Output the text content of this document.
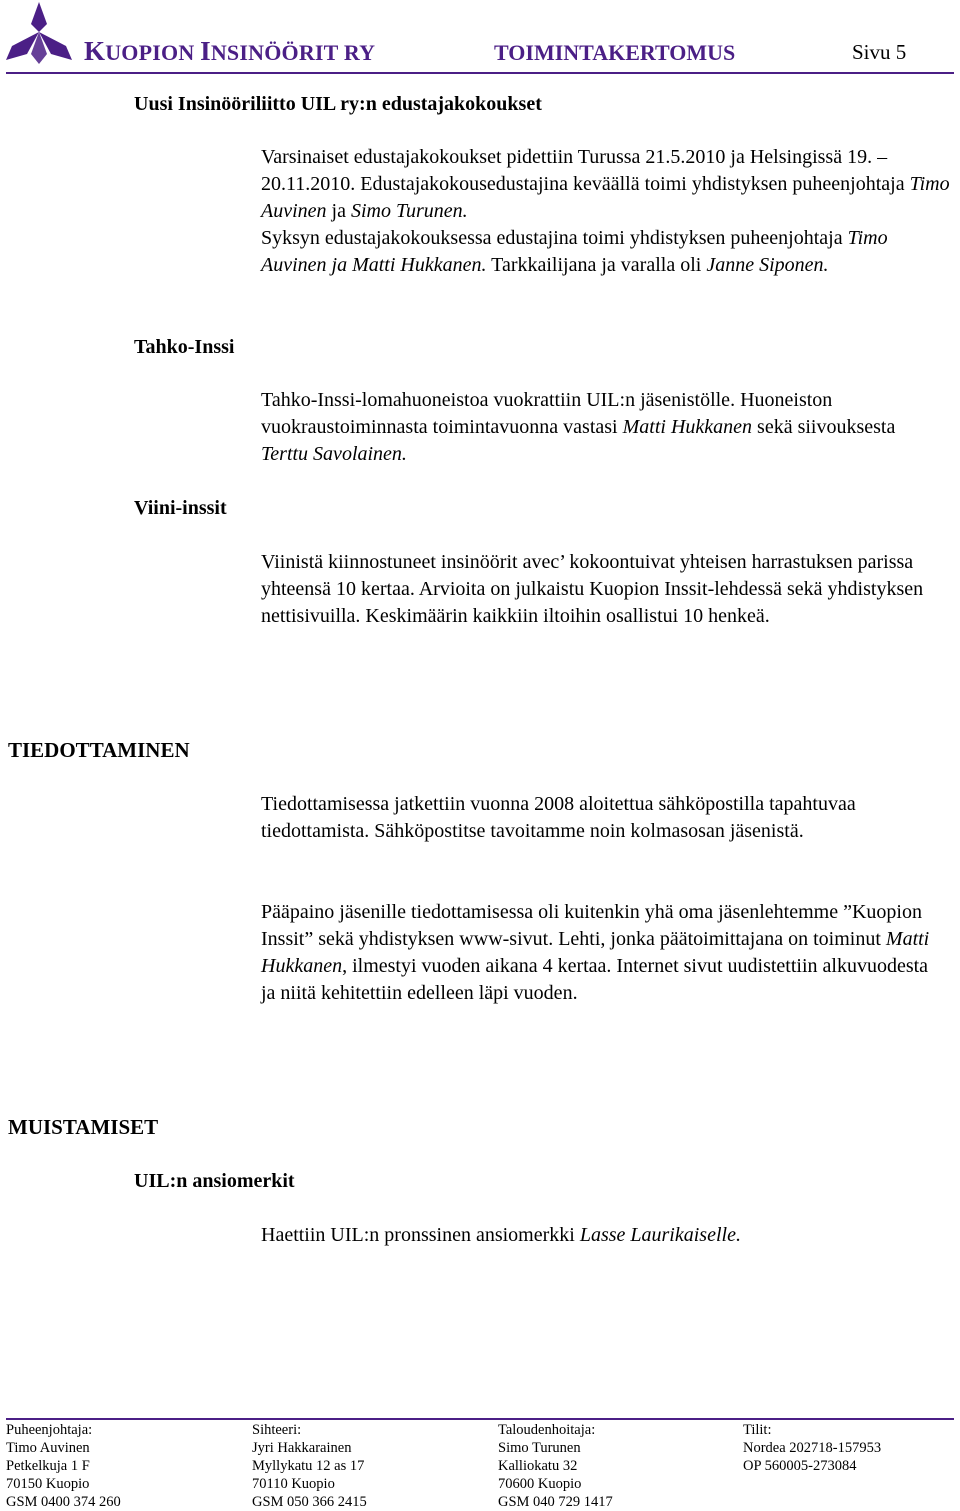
KUOPION INSINÖÖRIT RY	TOIMINTAKERTOMUS	Sivu 5
Uusi Insinööriliitto UIL ry:n edustajakokoukset
Varsinaiset edustajakokoukset pidettiin Turussa 21.5.2010 ja Helsingissä 19. – 20.11.2010. Edustajakokousedustajina keväällä toimi yhdistyksen puheenjohtaja Timo Auvinen ja Simo Turunen.
Syksyn edustajakokouksessa edustajina toimi yhdistyksen puheenjohtaja Timo Auvinen ja Matti Hukkanen. Tarkkailijana ja varalla oli Janne Siponen.
Tahko-Inssi
Tahko-Inssi-lomahuoneistoa vuokrattiin UIL:n jäsenistölle. Huoneiston vuokraustoiminnasta toimintavuonna vastasi Matti Hukkanen sekä siivouksesta Terttu Savolainen.
Viini-inssit
Viinistä kiinnostuneet insinöörit avec’ kokoontuivat yhteisen harrastuksen parissa yhteensä 10 kertaa. Arvioita on julkaistu Kuopion Inssit-lehdessä sekä yhdistyksen nettisivuilla. Keskimäärin kaikkiin iltoihin osallistui 10 henkeä.
TIEDOTTAMINEN
Tiedottamisessa jatkettiin vuonna 2008 aloitettua sähköpostilla tapahtuvaa tiedottamista. Sähköpostitse tavoitamme noin kolmasosan jäsenistä.
Pääpaino jäsenille tiedottamisessa oli kuitenkin yhä oma jäsenlehtemme ”Kuopion Inssit” sekä yhdistyksen www-sivut. Lehti, jonka päätoimittajana on toiminut Matti Hukkanen, ilmestyi vuoden aikana 4 kertaa. Internet sivut uudistettiin alkuvuodesta ja niitä kehitettiin edelleen läpi vuoden.
MUISTAMISET
UIL:n ansiomerkit
Haettiin UIL:n pronssinen ansiomerkki Lasse Laurikaiselle.
Puheenjohtaja:
Timo Auvinen
Petkelkuja 1 F
70150 Kuopio
GSM 0400 374 260
Sihteeri:
Jyri Hakkarainen
Myllykatu 12 as 17
70110 Kuopio
GSM 050 366 2415
Taloudenhoitaja:
Simo Turunen
Kalliokatu 32
70600 Kuopio
GSM 040 729 1417
Tilit:
Nordea 202718-157953
OP 560005-273084
